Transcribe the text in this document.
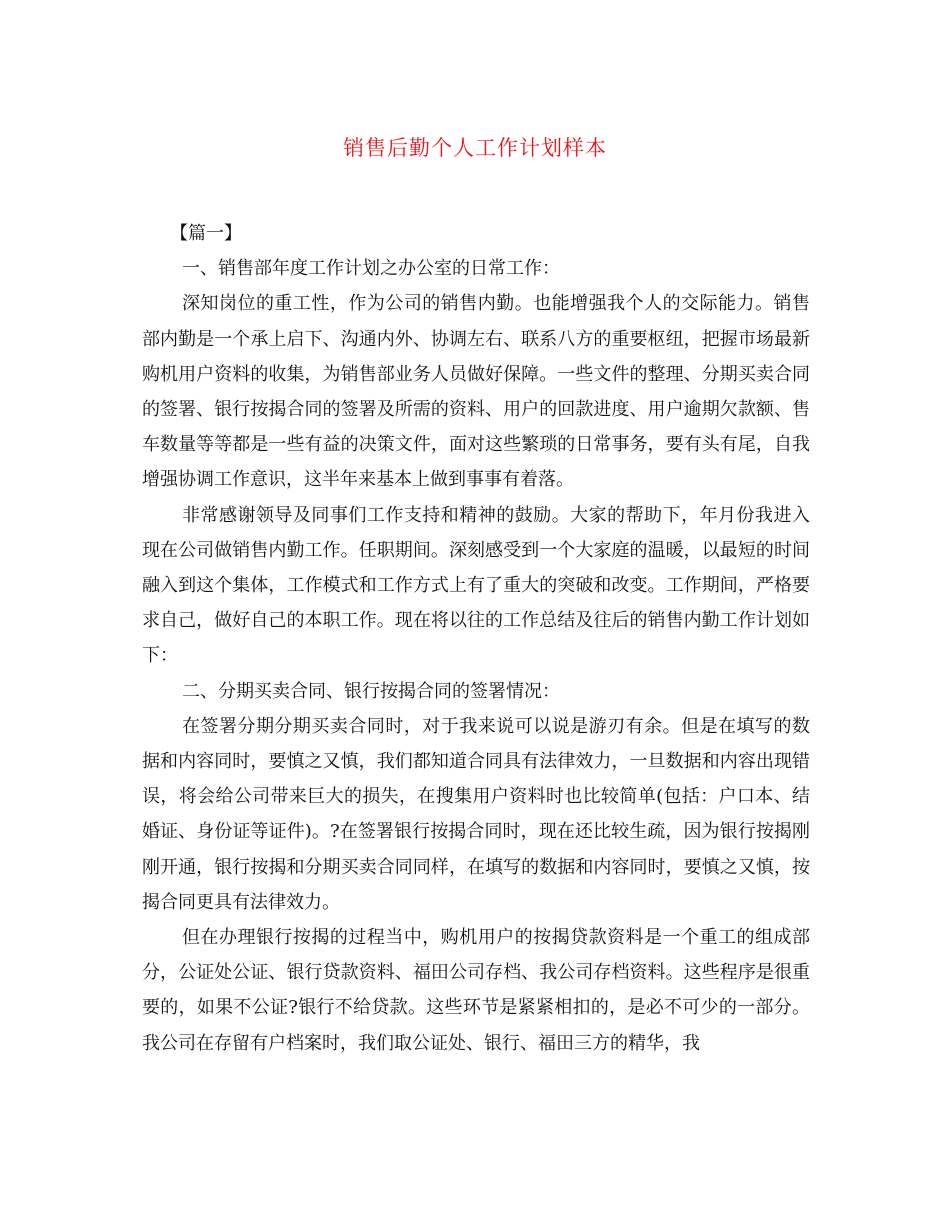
销售后勤个人工作计划样本

【篇一】

一、销售部年度工作计划之办公室的日常工作：

深知岗位的重工性，作为公司的销售内勤。也能增强我个人的交际能力。销售部内勤是一个承上启下、沟通内外、协调左右、联系八方的重要枢纽，把握市场最新购机用户资料的收集，为销售部业务人员做好保障。一些文件的整理、分期买卖合同的签署、银行按揭合同的签署及所需的资料、用户的回款进度、用户逾期欠款额、售车数量等等都是一些有益的决策文件，面对这些繁琐的日常事务，要有头有尾，自我增强协调工作意识，这半年来基本上做到事事有着落。

非常感谢领导及同事们工作支持和精神的鼓励。大家的帮助下，年月份我进入现在公司做销售内勤工作。任职期间。深刻感受到一个大家庭的温暖，以最短的时间融入到这个集体，工作模式和工作方式上有了重大的突破和改变。工作期间，严格要求自己，做好自己的本职工作。现在将以往的工作总结及往后的销售内勤工作计划如下：

二、分期买卖合同、银行按揭合同的签署情况：

在签署分期分期买卖合同时，对于我来说可以说是游刃有余。但是在填写的数据和内容同时，要慎之又慎，我们都知道合同具有法律效力，一旦数据和内容出现错误，将会给公司带来巨大的损失，在搜集用户资料时也比较简单(包括：户口本、结婚证、身份证等证件)。?在签署银行按揭合同时，现在还比较生疏，因为银行按揭刚刚开通，银行按揭和分期买卖合同同样，在填写的数据和内容同时，要慎之又慎，按揭合同更具有法律效力。

但在办理银行按揭的过程当中，购机用户的按揭贷款资料是一个重工的组成部分，公证处公证、银行贷款资料、福田公司存档、我公司存档资料。这些程序是很重要的，如果不公证?银行不给贷款。这些环节是紧紧相扣的，是必不可少的一部分。我公司在存留有户档案时，我们取公证处、银行、福田三方的精华，我
